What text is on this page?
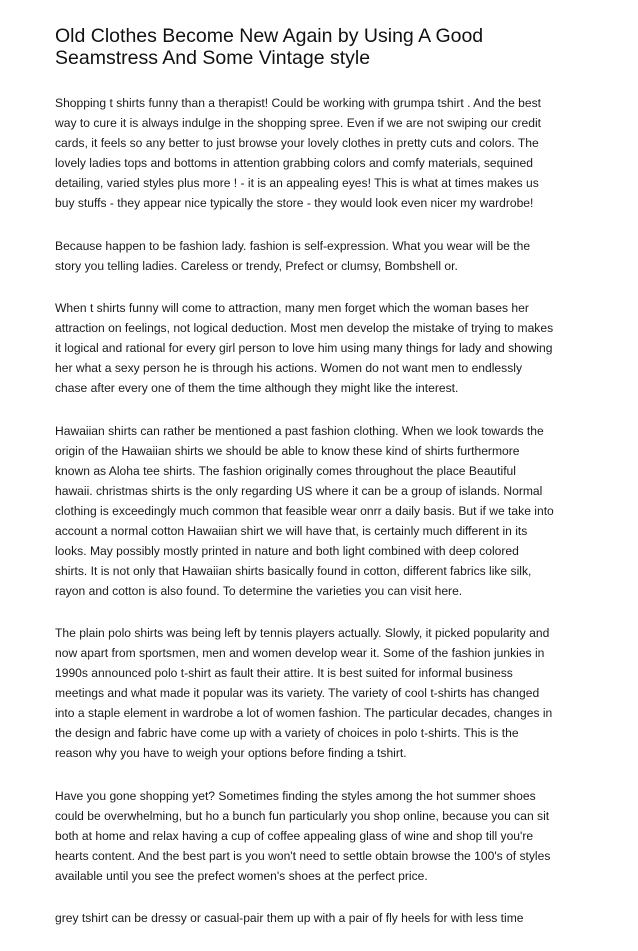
Old Clothes Become New Again by Using A Good
Seamstress And Some Vintage style

Shopping t shirts funny than a therapist! Could be working with grumpa tshirt . And the best
way to cure it is always indulge in the shopping spree. Even if we are not swiping our credit
cards, it feels so any better to just browse your lovely clothes in pretty cuts and colors. The
lovely ladies tops and bottoms in attention grabbing colors and comfy materials, sequined
detailing, varied styles plus more ! - it is an appealing eyes! This is what at times makes us
buy stuffs - they appear nice typically the store - they would look even nicer my wardrobe!

Because happen to be fashion lady. fashion is self-expression. What you wear will be the
story you telling ladies. Careless or trendy, Prefect or clumsy, Bombshell or.

When t shirts funny will come to attraction, many men forget which the woman bases her
attraction on feelings, not logical deduction. Most men develop the mistake of trying to makes
it logical and rational for every girl person to love him using many things for lady and showing
her what a sexy person he is through his actions. Women do not want men to endlessly
chase after every one of them the time although they might like the interest.

Hawaiian shirts can rather be mentioned a past fashion clothing. When we look towards the
origin of the Hawaiian shirts we should be able to know these kind of shirts furthermore
known as Aloha tee shirts. The fashion originally comes throughout the place Beautiful
hawaii. christmas shirts is the only regarding US where it can be a group of islands. Normal
clothing is exceedingly much common that feasible wear onrr a daily basis. But if we take into
account a normal cotton Hawaiian shirt we will have that, is certainly much different in its
looks. May possibly mostly printed in nature and both light combined with deep colored
shirts. It is not only that Hawaiian shirts basically found in cotton, different fabrics like silk,
rayon and cotton is also found. To determine the varieties you can visit here.

The plain polo shirts was being left by tennis players actually. Slowly, it picked popularity and
now apart from sportsmen, men and women develop wear it. Some of the fashion junkies in
1990s announced polo t-shirt as fault their attire. It is best suited for informal business
meetings and what made it popular was its variety. The variety of cool t-shirts has changed
into a staple element in wardrobe a lot of women fashion. The particular decades, changes in
the design and fabric have come up with a variety of choices in polo t-shirts. This is the
reason why you have to weigh your options before finding a tshirt.

Have you gone shopping yet? Sometimes finding the styles among the hot summer shoes
could be overwhelming, but ho a bunch fun particularly you shop online, because you can sit
both at home and relax having a cup of coffee appealing glass of wine and shop till you're
hearts content. And the best part is you won't need to settle obtain browse the 100's of styles
available until you see the prefect women's shoes at the perfect price.

grey tshirt can be dressy or casual-pair them up with a pair of fly heels for with less time
